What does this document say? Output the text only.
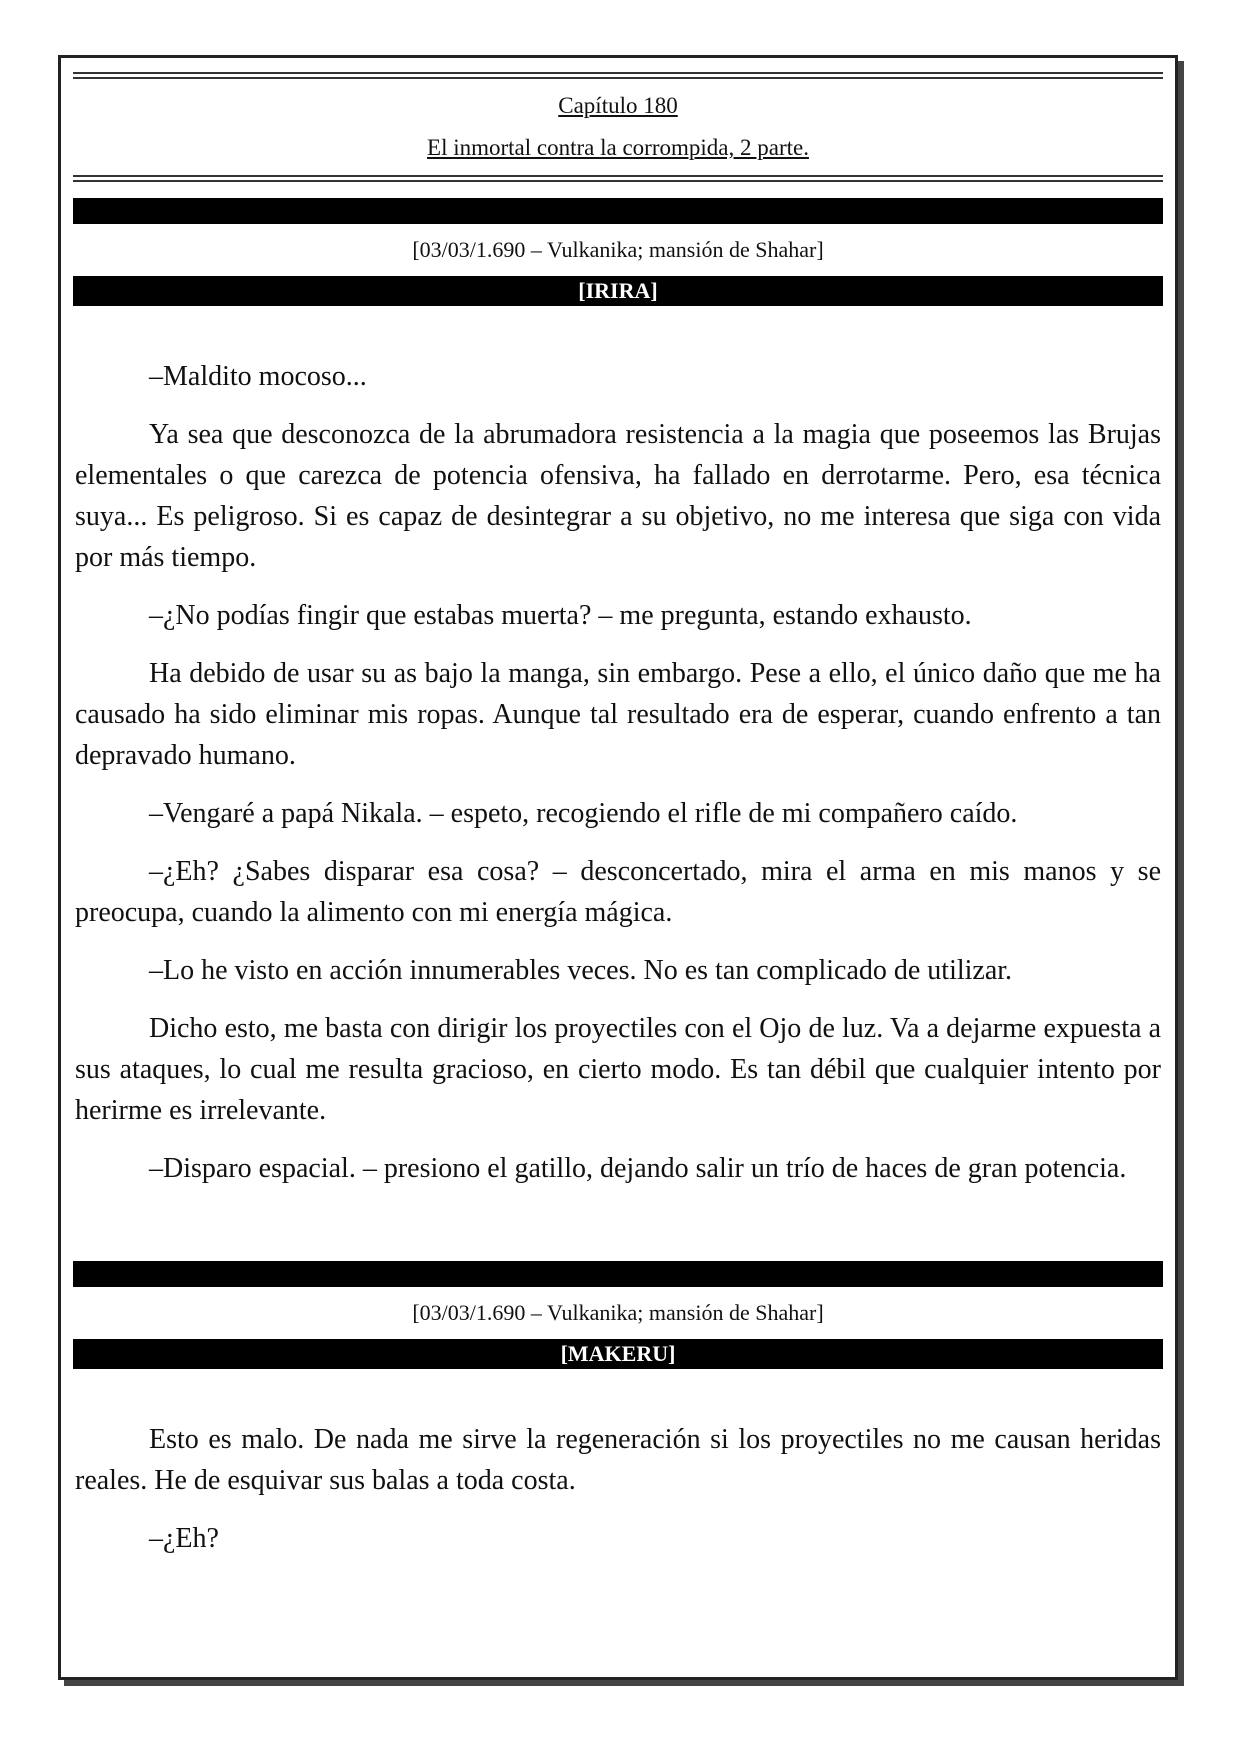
Capítulo 180
El inmortal contra la corrompida, 2 parte.
[03/03/1.690 – Vulkanika; mansión de Shahar]
[IRIRA]

–Maldito mocoso...

Ya sea que desconozca de la abrumadora resistencia a la magia que poseemos las Brujas elementales o que carezca de potencia ofensiva, ha fallado en derrotarme. Pero, esa técnica suya... Es peligroso. Si es capaz de desintegrar a su objetivo, no me interesa que siga con vida por más tiempo.

–¿No podías fingir que estabas muerta? – me pregunta, estando exhausto.

Ha debido de usar su as bajo la manga, sin embargo. Pese a ello, el único daño que me ha causado ha sido eliminar mis ropas. Aunque tal resultado era de esperar, cuando enfrento a tan depravado humano.

–Vengaré a papá Nikala. – espeto, recogiendo el rifle de mi compañero caído.

–¿Eh? ¿Sabes disparar esa cosa? – desconcertado, mira el arma en mis manos y se preocupa, cuando la alimento con mi energía mágica.

–Lo he visto en acción innumerables veces. No es tan complicado de utilizar.

Dicho esto, me basta con dirigir los proyectiles con el Ojo de luz. Va a dejarme expuesta a sus ataques, lo cual me resulta gracioso, en cierto modo. Es tan débil que cualquier intento por herirme es irrelevante.

–Disparo espacial. – presiono el gatillo, dejando salir un trío de haces de gran potencia.

[03/03/1.690 – Vulkanika; mansión de Shahar]
[MAKERU]

Esto es malo. De nada me sirve la regeneración si los proyectiles no me causan heridas reales. He de esquivar sus balas a toda costa.

–¿Eh?
